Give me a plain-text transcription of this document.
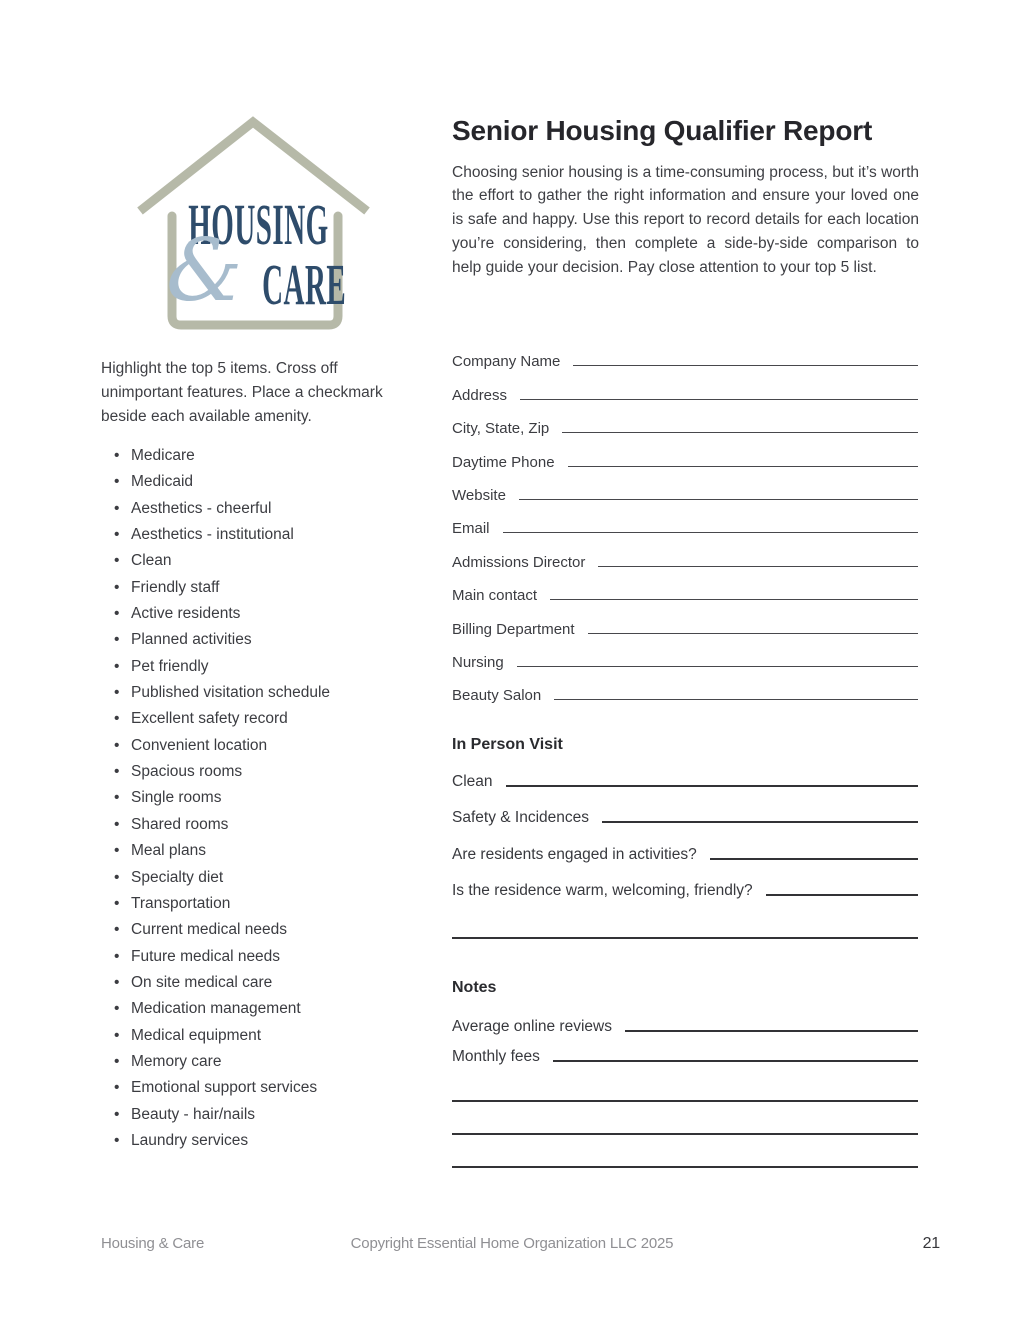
HOUSING
& CARE
Senior Housing Qualifier Report

Choosing senior housing is a time-consuming process, but it’s worth the effort to gather the right information and ensure your loved one is safe and happy. Use this report to record details for each location you’re considering, then complete a side-by-side comparison to help guide your decision. Pay close attention to your top 5 list.

Highlight the top 5 items. Cross off unimportant features. Place a checkmark beside each available amenity.

• Medicare
• Medicaid
• Aesthetics - cheerful
• Aesthetics - institutional
• Clean
• Friendly staff
• Active residents
• Planned activities
• Pet friendly
• Published visitation schedule
• Excellent safety record
• Convenient location
• Spacious rooms
• Single rooms
• Shared rooms
• Meal plans
• Specialty diet
• Transportation
• Current medical needs
• Future medical needs
• On site medical care
• Medication management
• Medical equipment
• Memory care
• Emotional support services
• Beauty - hair/nails
• Laundry services
Company Name
Address
City, State, Zip
Daytime Phone
Website
Email
Admissions Director
Main contact
Billing Department
Nursing
Beauty Salon
In Person Visit
Clean
Safety & Incidences
Are residents engaged in activities?
Is the residence warm, welcoming, friendly?
Notes
Average online reviews
Monthly fees
Housing & Care	Copyright Essential Home Organization LLC 2025	21
